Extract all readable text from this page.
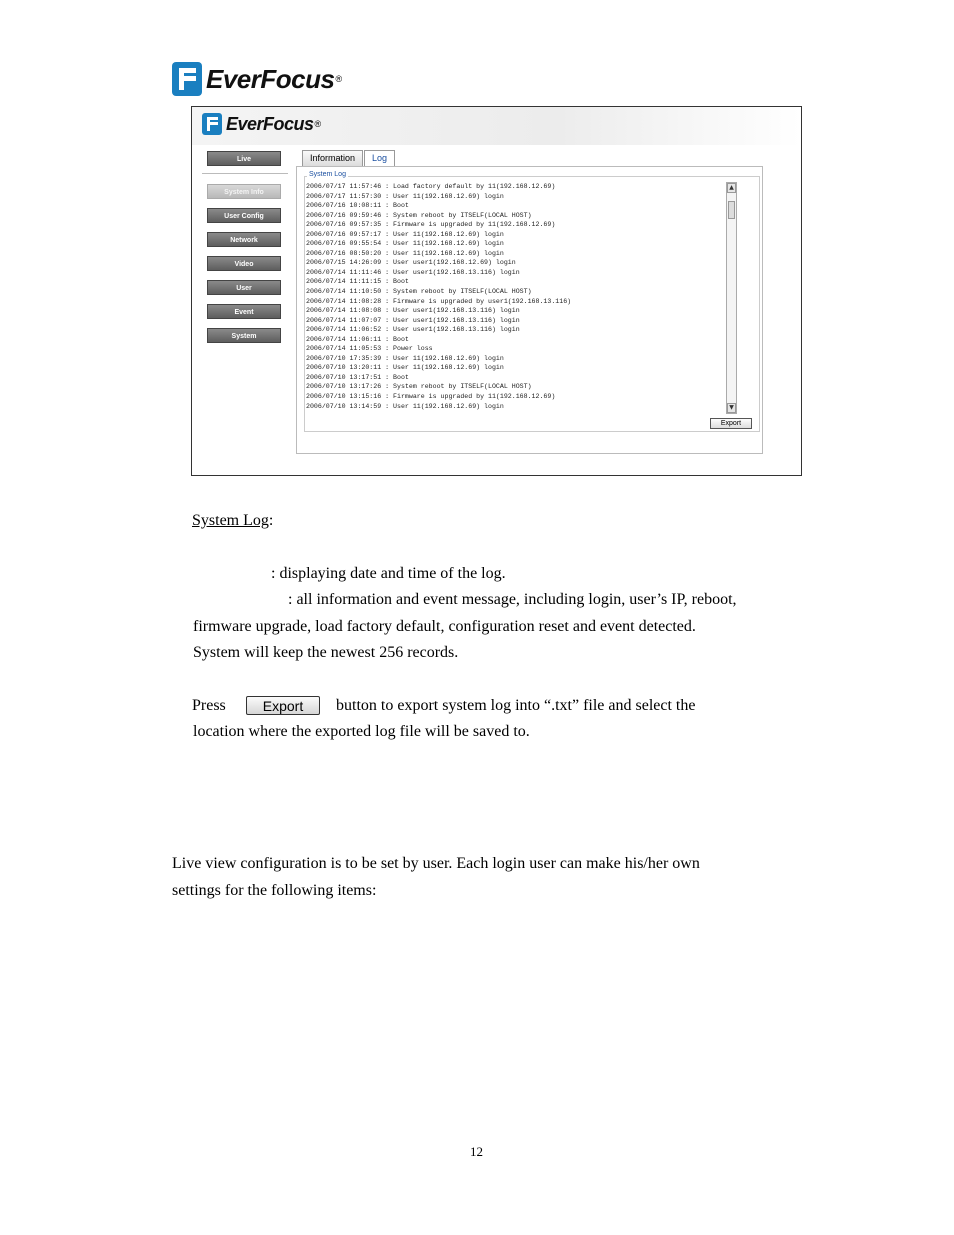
EverFocus ®
EverFocus ®
Live
System Info
User Config
Network
Video
User
Event
System
Information	Log
System Log
2006/07/17 11:57:46 : Load factory default by 11(192.168.12.69)
2006/07/17 11:57:30 : User 11(192.168.12.69) login
2006/07/16 10:08:11 : Boot
2006/07/16 09:59:46 : System reboot by ITSELF(LOCAL HOST)
2006/07/16 09:57:35 : Firmware is upgraded by 11(192.168.12.69)
2006/07/16 09:57:17 : User 11(192.168.12.69) login
2006/07/16 09:55:54 : User 11(192.168.12.69) login
2006/07/16 08:50:20 : User 11(192.168.12.69) login
2006/07/15 14:26:09 : User user1(192.168.12.69) login
2006/07/14 11:11:46 : User user1(192.168.13.116) login
2006/07/14 11:11:15 : Boot
2006/07/14 11:10:50 : System reboot by ITSELF(LOCAL HOST)
2006/07/14 11:08:28 : Firmware is upgraded by user1(192.168.13.116)
2006/07/14 11:08:08 : User user1(192.168.13.116) login
2006/07/14 11:07:07 : User user1(192.168.13.116) login
2006/07/14 11:06:52 : User user1(192.168.13.116) login
2006/07/14 11:06:11 : Boot
2006/07/14 11:05:53 : Power loss
2006/07/10 17:35:39 : User 11(192.168.12.69) login
2006/07/10 13:20:11 : User 11(192.168.12.69) login
2006/07/10 13:17:51 : Boot
2006/07/10 13:17:26 : System reboot by ITSELF(LOCAL HOST)
2006/07/10 13:15:16 : Firmware is upgraded by 11(192.168.12.69)
2006/07/10 13:14:59 : User 11(192.168.12.69) login
▲
▼
Export
System Log:
: displaying date and time of the log.
: all information and event message, including login, user’s IP, reboot,
firmware upgrade, load factory default, configuration reset and event detected.
System will keep the newest 256 records.
Press	Export	button to export system log into “.txt” file and select the
location where the exported log file will be saved to.
Live view configuration is to be set by user. Each login user can make his/her own
settings for the following items:
12
